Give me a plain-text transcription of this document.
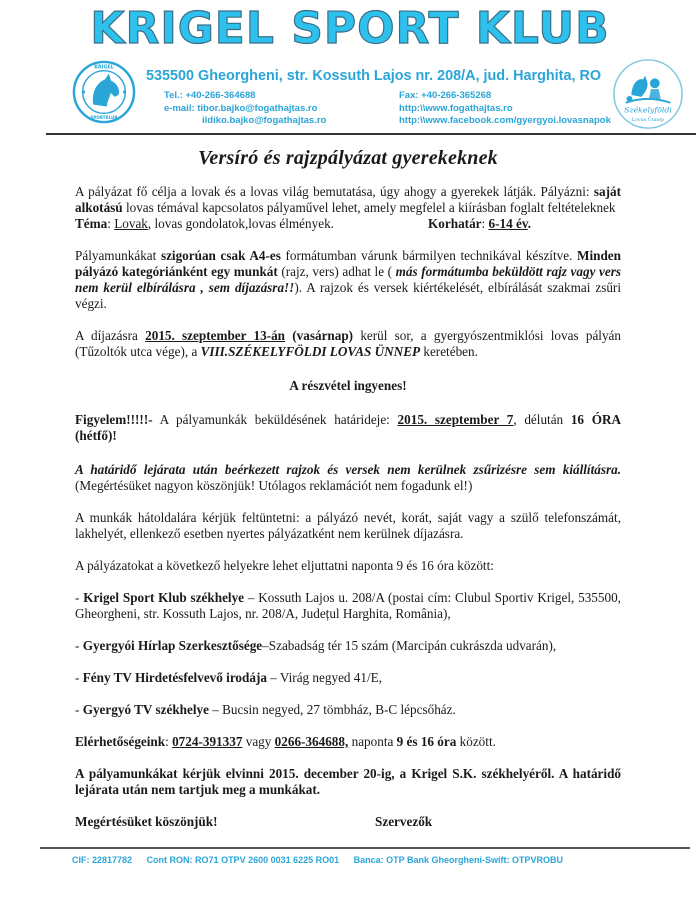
KRIGEL SPORT KLUB
KRIGEL
SPORTKLUB
535500 Gheorgheni, str. Kossuth Lajos nr. 208/A, jud. Harghita, RO
Tel.: +40-266-364688
e-mail: tibor.bajko@fogathajtas.ro
ildiko.bajko@fogathajtas.ro
Fax: +40-266-365268
http:\\www.fogathajtas.ro
http:\\www.facebook.com/gyergyoi.lovasnapok
Székelyföldi
Lovas Ünnep

Versíró és rajzpályázat gyerekeknek

A pályázat fő célja a lovak és a lovas világ bemutatása, úgy ahogy a gyerekek látják. Pályázni: saját alkotású lovas témával kapcsolatos pályaművel lehet, amely megfelel a kiírásban foglalt feltételeknek

Téma: Lovak, lovas gondolatok,lovas élmények.	Korhatár: 6-14 év.

Pályamunkákat szigorúan csak A4-es formátumban várunk bármilyen technikával készítve. Minden pályázó kategóriánként egy munkát (rajz, vers) adhat le ( más formátumba beküldött rajz vagy vers nem kerül elbírálásra , sem díjazásra!!). A rajzok és versek kiértékelését, elbírálását szakmai zsűri végzi.

A díjazásra 2015. szeptember 13-án (vasárnap) kerül sor, a gyergyószentmiklósi lovas pályán (Tűzoltók utca vége), a VIII.SZÉKELYFÖLDI LOVAS ÜNNEP keretében.

A részvétel ingyenes!

Figyelem!!!!!- A pályamunkák beküldésének határideje: 2015. szeptember 7, délután 16 ÓRA (hétfő)!

A határidő lejárata után beérkezett rajzok és versek nem kerülnek zsűrizésre sem kiállításra.(Megértésüket nagyon köszönjük! Utólagos reklamációt nem fogadunk el!)

A munkák hátoldalára kérjük feltüntetni: a pályázó nevét, korát, saját vagy a szülő telefonszámát, lakhelyét, ellenkező esetben nyertes pályázatként nem kerülnek díjazásra.

A pályázatokat a következő helyekre lehet eljuttatni naponta 9 és 16 óra között:

- Krigel Sport Klub székhelye – Kossuth Lajos u. 208/A (postai cím: Clubul Sportiv Krigel, 535500, Gheorgheni, str. Kossuth Lajos, nr. 208/A, Județul Harghita, România),

- Gyergyói Hírlap Szerkesztősége–Szabadság tér 15 szám (Marcipán cukrászda udvarán),

- Fény TV Hirdetésfelvevő irodája – Virág negyed 41/E,

- Gyergyó TV székhelye – Bucsin negyed, 27 tömbház, B-C lépcsőház.

Elérhetőségeink: 0724-391337 vagy 0266-364688, naponta 9 és 16 óra között.

A pályamunkákat kérjük elvinni 2015. december 20-ig, a Krigel S.K. székhelyéről. A határidő lejárata után nem tartjuk meg a munkákat.

Megértésüket köszönjük!	Szervezők

CIF: 22817782 Cont RON: RO71 OTPV 2600 0031 6225 RO01 Banca: OTP Bank Gheorgheni-Swift: OTPVROBU
